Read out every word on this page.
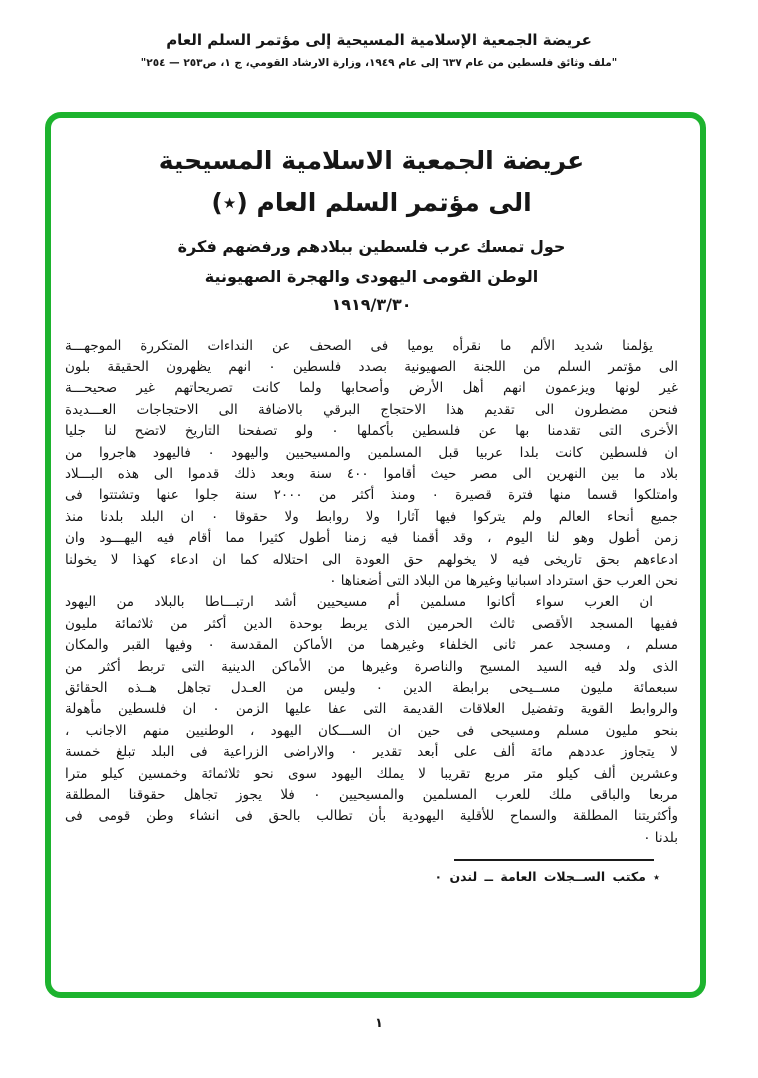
عريضة الجمعية الإسلامية المسيحية إلى مؤتمر السلم العام
"ملف وثائق فلسطين من عام ٦٣٧ إلى عام ١٩٤٩، وزارة الارشاد القومي، ج ١، ص٢٥٣ — ٢٥٤"
عريضة الجمعية الاسلامية المسيحية
الى مؤتمر السلم العام (٭)
حول تمسك عرب فلسطين ببلادهم ورفضهم فكرة
الوطن القومى اليهودى والهجرة الصهيونية
١٩١٩/٣/٣٠
يؤلمنا شديد الألم ما نقرأه يوميا فى الصحف عن النداءات المتكررة الموجهـــة
الى مؤتمر السلم من اللجنة الصهيونية بصدد فلسطين ٠ انهم يظهرون الحقيقة بلون
غير لونها ويزعمون انهم أهل الأرض وأصحابها ولما كانت تصريحاتهم غير صحيحـــة
فنحن مضطرون الى تقديم هذا الاحتجاج البرقي بالاضافة الى الاحتجاجات العـــديدة
الأخرى التى تقدمنا بها عن فلسطين بأكملها ٠ ولو تصفحنا التاريخ لاتضح لنا جليا
ان فلسطين كانت بلدا عربيا قبل المسلمين والمسيحيين واليهود ٠ فاليهود هاجروا من
بلاد ما بين النهرين الى مصر حيث أقاموا ٤٠٠ سنة وبعد ذلك قدموا الى هذه البـــلاد
وامتلكوا قسما منها فترة قصيرة ٠ ومنذ أكثر من ٢٠٠٠ سنة جلوا عنها وتشتتوا فى
جميع أنحاء العالم ولم يتركوا فيها آثارا ولا روابط ولا حقوقا ٠ ان البلد بلدنا منذ
زمن أطول وهو لنا اليوم ، وقد أقمنا فيه زمنا أطول كثيرا مما أقام فيه اليهـــود وان
ادعاءهم بحق تاريخى فيه لا يخولهم حق العودة الى احتلاله كما ان ادعاء كهذا لا يخولنا
نحن العرب حق استرداد اسبانيا وغيرها من البلاد التى أضعناها ٠
ان العرب سواء أكانوا مسلمين أم مسيحيين أشد ارتبـــاطا بالبلاد من اليهود
ففيها المسجد الأقصى ثالث الحرمين الذى يربط بوحدة الدين أكثر من ثلاثمائة مليون
مسلم ، ومسجد عمر ثانى الخلفاء وغيرهما من الأماكن المقدسة ٠ وفيها القبر والمكان
الذى ولد فيه السيد المسيح والناصرة وغيرها من الأماكن الدينية التى تربط أكثر من
سبعمائة مليون مســيحى برابطة الدين ٠ وليس من العـدل تجاهل هــذه الحقائق
والروابط القوية وتفضيل العلاقات القديمة التى عفا عليها الزمن ٠ ان فلسطين مأهولة
بنحو مليون مسلم ومسيحى فى حين ان الســـكان اليهود ، الوطنيين منهم الاجانب ،
لا يتجاوز عددهم مائة ألف على أبعد تقدير ٠ والاراضى الزراعية فى البلد تبلغ خمسة
وعشرين ألف كيلو متر مربع تقريبا لا يملك اليهود سوى نحو ثلاثمائة وخمسين كيلو مترا
مربعا والباقى ملك للعرب المسلمين والمسيحيين ٠ فلا يجوز تجاهل حقوقنا المطلقة
وأكثريتنا المطلقة والسماح للأقلية اليهودية بأن تطالب بالحق فى انشاء وطن قومى فى
بلدنا ٠
٭ مكتب الســجلات العامة ــ لندن ٠
١
